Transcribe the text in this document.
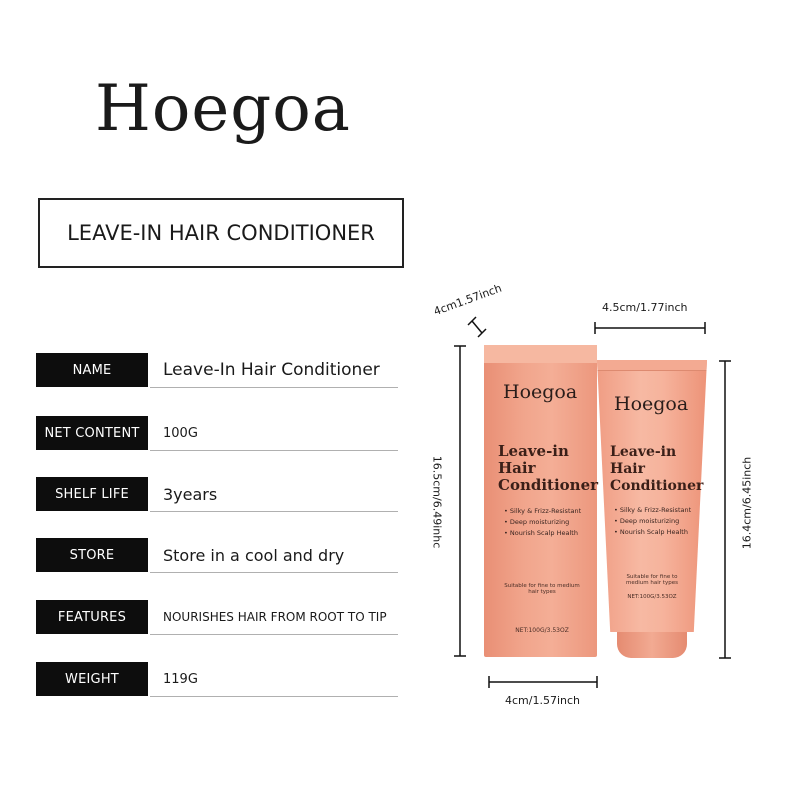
Hoegoa
LEAVE-IN HAIR CONDITIONER
NAME	Leave-In Hair Conditioner
NET CONTENT	100G
SHELF LIFE	3years
STORE	Store in a cool and dry
FEATURES	NOURISHES HAIR FROM ROOT TO TIP
WEIGHT	119G
Hoegoa
Leave-in
Hair
Conditioner
• Silky & Frizz-Resistant
• Deep moisturizing
• Nourish Scalp Health
Suitable for fine to medium hair types
NET:100G/3.53OZ
Hoegoa
Leave-in
Hair
Conditioner
• Silky & Frizz-Resistant
• Deep moisturizing
• Nourish Scalp Health
Suitable for fine to medium hair types
NET:100G/3.53OZ
4cm1.57inch	4.5cm/1.77inch
4cm/1.57inch
16.5cm/6.49inhc	16.4cm/6.45inch
